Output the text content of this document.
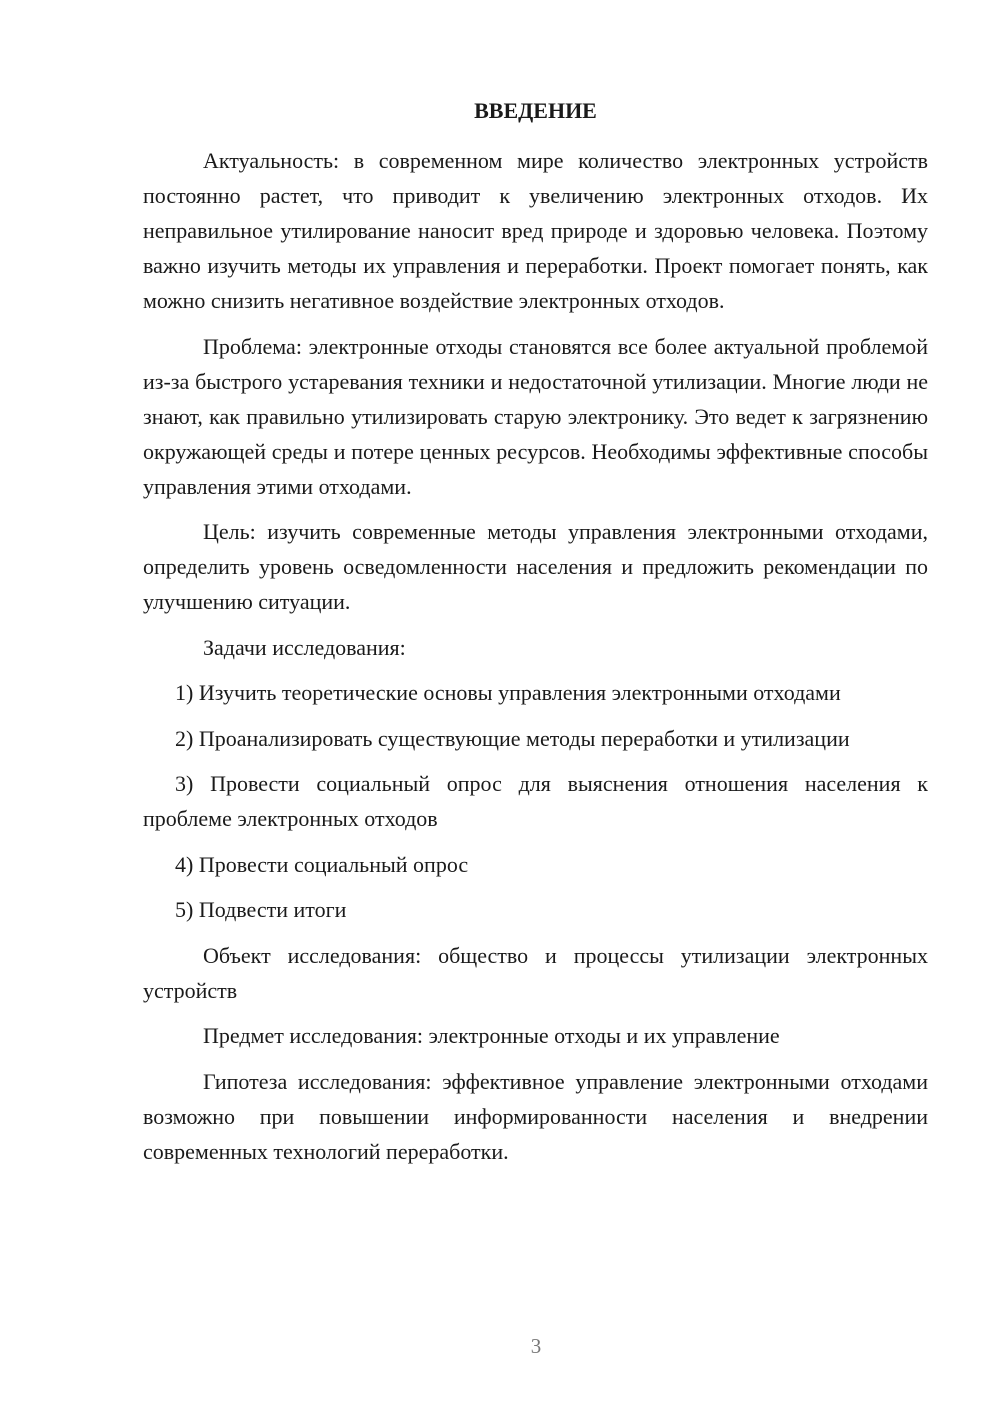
ВВЕДЕНИЕ

Актуальность: в современном мире количество электронных устройств постоянно растет, что приводит к увеличению электронных отходов. Их неправильное утилирование наносит вред природе и здоровью человека. Поэтому важно изучить методы их управления и переработки. Проект помогает понять, как можно снизить негативное воздействие электронных отходов.

Проблема: электронные отходы становятся все более актуальной проблемой из-за быстрого устаревания техники и недостаточной утилизации. Многие люди не знают, как правильно утилизировать старую электронику. Это ведет к загрязнению окружающей среды и потере ценных ресурсов. Необходимы эффективные способы управления этими отходами.

Цель: изучить современные методы управления электронными отходами, определить уровень осведомленности населения и предложить рекомендации по улучшению ситуации.

Задачи исследования:

1) Изучить теоретические основы управления электронными отходами

2) Проанализировать существующие методы переработки и утилизации

3) Провести социальный опрос для выяснения отношения населения к проблеме электронных отходов

4) Провести социальный опрос

5) Подвести итоги

Объект исследования: общество и процессы утилизации электронных устройств

Предмет исследования: электронные отходы и их управление

Гипотеза исследования: эффективное управление электронными отходами возможно при повышении информированности населения и внедрении современных технологий переработки.

3
